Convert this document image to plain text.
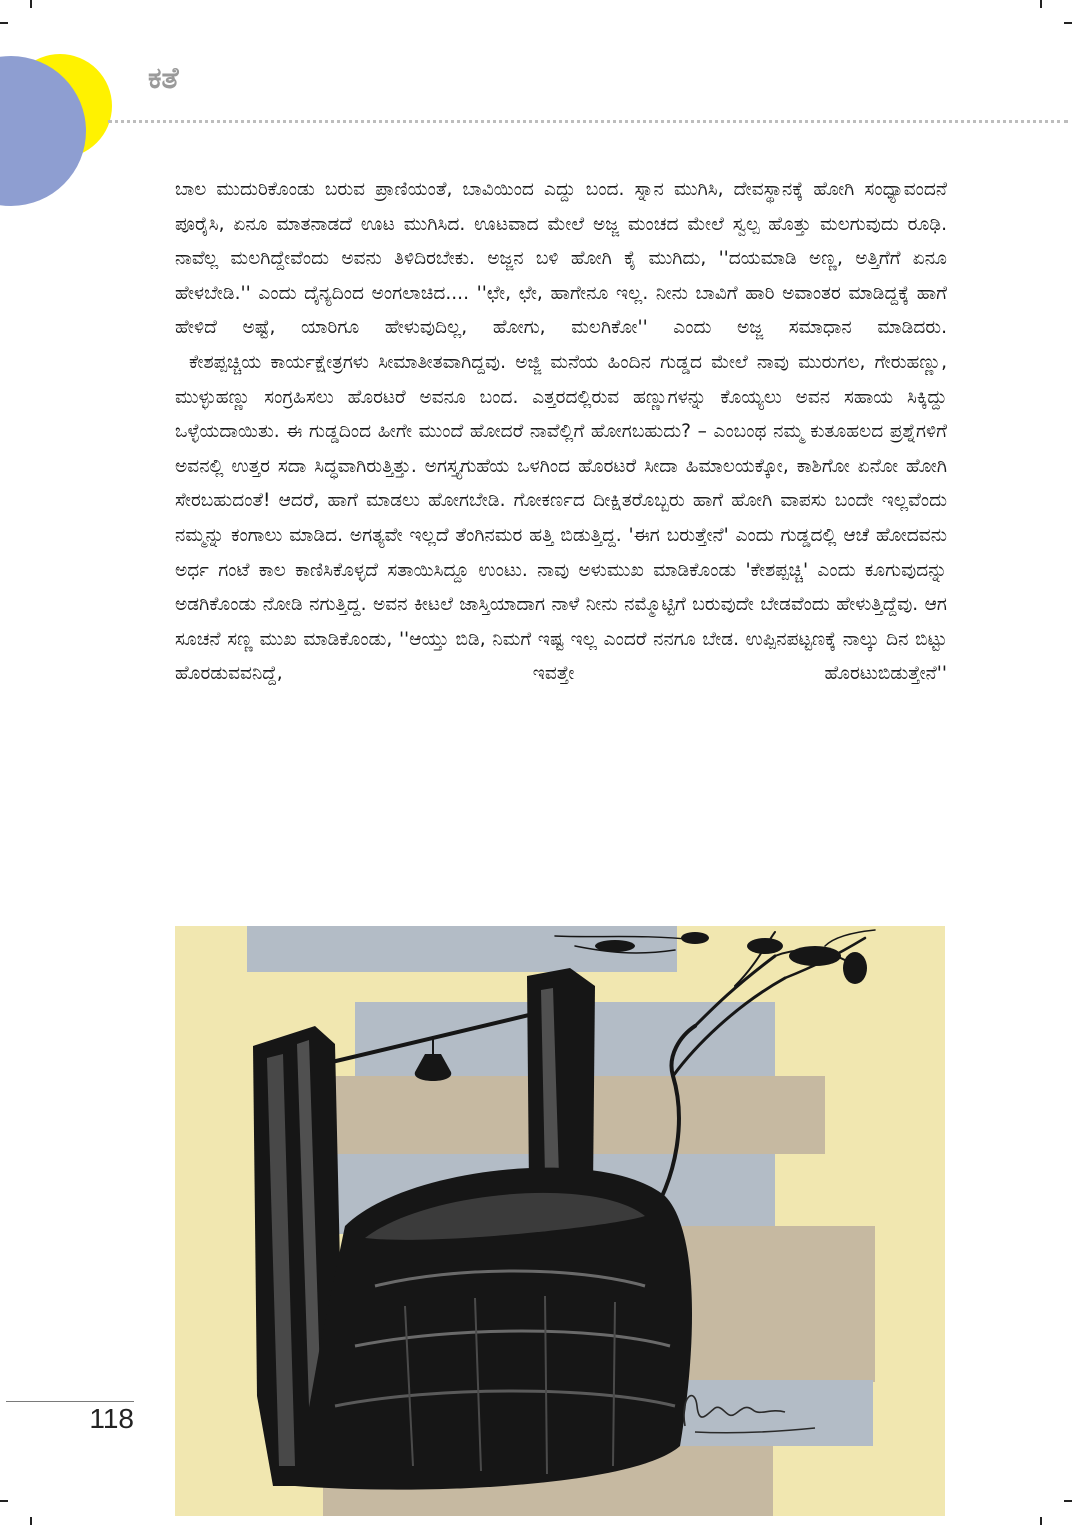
ಕತೆ

ಬಾಲ ಮುದುರಿಕೊಂಡು ಬರುವ ಪ್ರಾಣಿಯಂತೆ, ಬಾವಿಯಿಂದ ಎದ್ದು ಬಂದ. ಸ್ನಾನ ಮುಗಿಸಿ, ದೇವಸ್ಥಾನಕ್ಕೆ ಹೋಗಿ ಸಂಧ್ಯಾವಂದನೆ ಪೂರೈಸಿ, ಏನೂ ಮಾತನಾಡದೆ ಊಟ ಮುಗಿಸಿದ. ಊಟವಾದ ಮೇಲೆ ಅಜ್ಜ ಮಂಚದ ಮೇಲೆ ಸ್ವಲ್ಪ ಹೊತ್ತು ಮಲಗುವುದು ರೂಢಿ. ನಾವೆಲ್ಲ ಮಲಗಿದ್ದೇವೆಂದು ಅವನು ತಿಳಿದಿರಬೇಕು. ಅಜ್ಜನ ಬಳಿ ಹೋಗಿ ಕೈ ಮುಗಿದು, ''ದಯಮಾಡಿ ಅಣ್ಣ, ಅತ್ತಿಗೆಗೆ ಏನೂ ಹೇಳಬೇಡಿ.'' ಎಂದು ದೈನ್ಯದಿಂದ ಅಂಗಲಾಚಿದ.... ''ಛೇ, ಛೇ, ಹಾಗೇನೂ ಇಲ್ಲ. ನೀನು ಬಾವಿಗೆ ಹಾರಿ ಅವಾಂತರ ಮಾಡಿದ್ದಕ್ಕೆ ಹಾಗೆ ಹೇಳಿದೆ ಅಷ್ಟೆ, ಯಾರಿಗೂ ಹೇಳುವುದಿಲ್ಲ, ಹೋಗು, ಮಲಗಿಕೋ'' ಎಂದು ಅಜ್ಜ ಸಮಾಧಾನ ಮಾಡಿದರು.

ಕೇಶಪ್ಪಚ್ಚಿಯ ಕಾರ್ಯಕ್ಷೇತ್ರಗಳು ಸೀಮಾತೀತವಾಗಿದ್ದವು. ಅಜ್ಜಿ ಮನೆಯ ಹಿಂದಿನ ಗುಡ್ಡದ ಮೇಲೆ ನಾವು ಮುರುಗಲ, ಗೇರುಹಣ್ಣು, ಮುಳ್ಳುಹಣ್ಣು ಸಂಗ್ರಹಿಸಲು ಹೊರಟರೆ ಅವನೂ ಬಂದ. ಎತ್ತರದಲ್ಲಿರುವ ಹಣ್ಣುಗಳನ್ನು ಕೊಯ್ಯಲು ಅವನ ಸಹಾಯ ಸಿಕ್ಕಿದ್ದು ಒಳ್ಳೆಯದಾಯಿತು. ಈ ಗುಡ್ಡದಿಂದ ಹೀಗೇ ಮುಂದೆ ಹೋದರೆ ನಾವೆಲ್ಲಿಗೆ ಹೋಗಬಹುದು? – ಎಂಬಂಥ ನಮ್ಮ ಕುತೂಹಲದ ಪ್ರಶ್ನೆಗಳಿಗೆ ಅವನಲ್ಲಿ ಉತ್ತರ ಸದಾ ಸಿದ್ಧವಾಗಿರುತ್ತಿತ್ತು. ಅಗಸ್ತ್ಯಗುಹೆಯ ಒಳಗಿಂದ ಹೊರಟರೆ ಸೀದಾ ಹಿಮಾಲಯಕ್ಕೋ, ಕಾಶಿಗೋ ಏನೋ ಹೋಗಿ ಸೇರಬಹುದಂತೆ! ಆದರೆ, ಹಾಗೆ ಮಾಡಲು ಹೋಗಬೇಡಿ. ಗೋಕರ್ಣದ ದೀಕ್ಷಿತರೊಬ್ಬರು ಹಾಗೆ ಹೋಗಿ ವಾಪಸು ಬಂದೇ ಇಲ್ಲವೆಂದು ನಮ್ಮನ್ನು ಕಂಗಾಲು ಮಾಡಿದ. ಅಗತ್ಯವೇ ಇಲ್ಲದೆ ತೆಂಗಿನಮರ ಹತ್ತಿ ಬಿಡುತ್ತಿದ್ದ. 'ಈಗ ಬರುತ್ತೇನೆ' ಎಂದು ಗುಡ್ಡದಲ್ಲಿ ಆಚೆ ಹೋದವನು ಅರ್ಧ ಗಂಟೆ ಕಾಲ ಕಾಣಿಸಿಕೊಳ್ಳದೆ ಸತಾಯಿಸಿದ್ದೂ ಉಂಟು. ನಾವು ಅಳುಮುಖ ಮಾಡಿಕೊಂಡು 'ಕೇಶಪ್ಪಚ್ಚಿ' ಎಂದು ಕೂಗುವುದನ್ನು ಅಡಗಿಕೊಂಡು ನೋಡಿ ನಗುತ್ತಿದ್ದ. ಅವನ ಕೀಟಲೆ ಜಾಸ್ತಿಯಾದಾಗ ನಾಳೆ ನೀನು ನಮ್ಮೊಟ್ಟಿಗೆ ಬರುವುದೇ ಬೇಡವೆಂದು ಹೇಳುತ್ತಿದ್ದೆವು. ಆಗ ಸೂಚನೆ ಸಣ್ಣ ಮುಖ ಮಾಡಿಕೊಂಡು, ''ಆಯ್ತು ಬಿಡಿ, ನಿಮಗೆ ಇಷ್ಟ ಇಲ್ಲ ಎಂದರೆ ನನಗೂ ಬೇಡ. ಉಪ್ಪಿನಪಟ್ಟಣಕ್ಕೆ ನಾಲ್ಕು ದಿನ ಬಿಟ್ಟು ಹೊರಡುವವನಿದ್ದೆ, ಇವತ್ತೇ ಹೊರಟುಬಿಡುತ್ತೇನೆ''

118
